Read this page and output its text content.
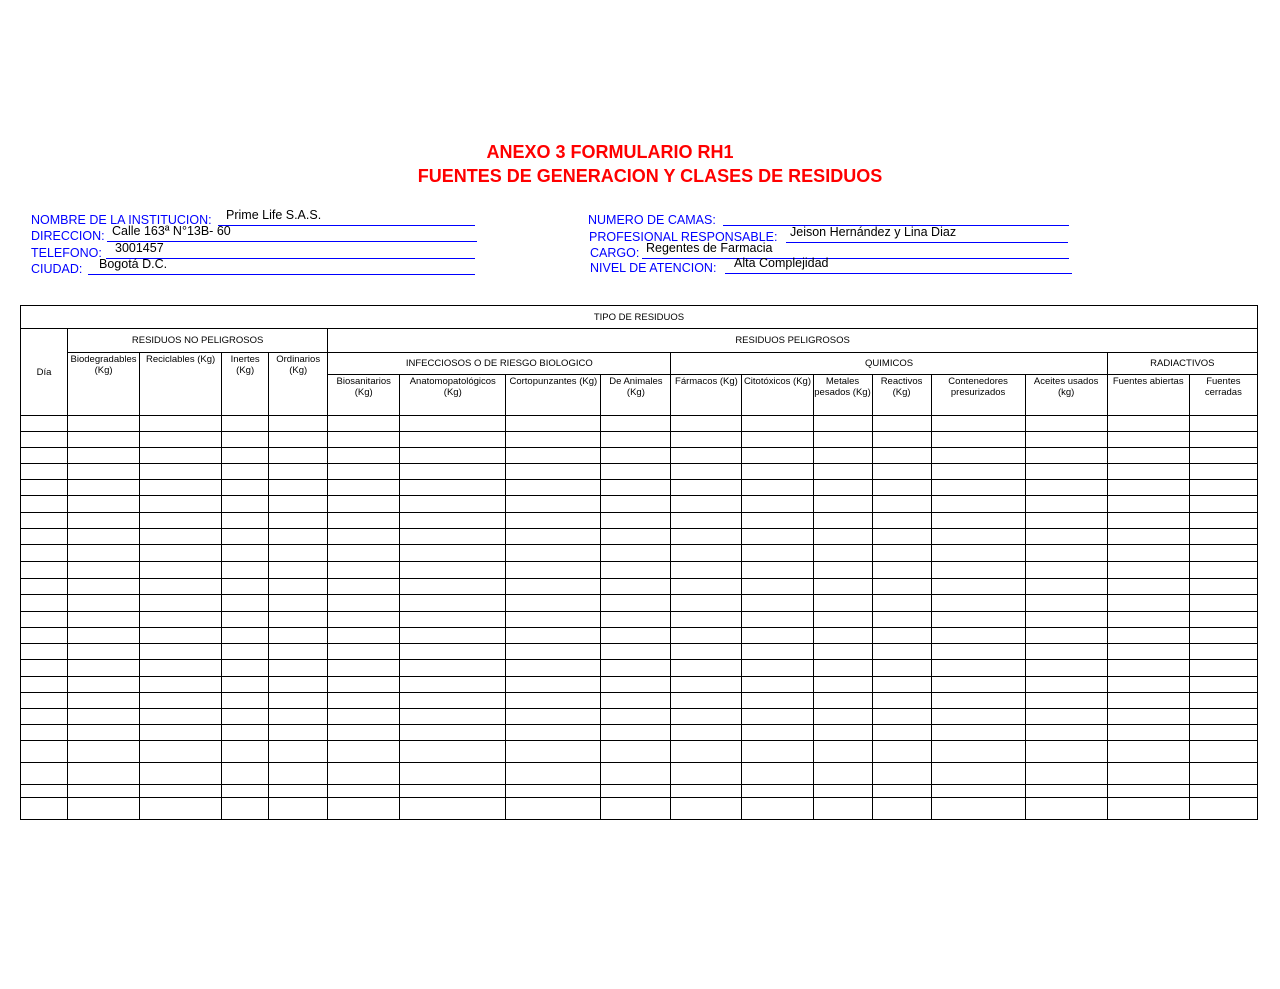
ANEXO 3 FORMULARIO RH1
FUENTES DE GENERACION Y CLASES DE RESIDUOS
NOMBRE DE LA INSTITUCION: Prime Life S.A.S.
DIRECCION: Calle 163ª N°13B- 60
TELEFONO: 3001457
CIUDAD: Bogotá D.C.
NUMERO DE CAMAS:
PROFESIONAL RESPONSABLE: Jeison Hernández y Lina Diaz
CARGO: Regentes de Farmacia
NIVEL DE ATENCION: Alta Complejidad
TIPO DE RESIDUOS																
Día	RESIDUOS NO PELIGROSOS				RESIDUOS PELIGROSOS											
	Biodegradables (Kg)	Reciclables (Kg)	Inertes (Kg)	Ordinarios (Kg)	INFECCIOSOS O DE RIESGO BIOLOGICO				QUIMICOS						RADIACTIVOS	
					Biosanitarios (Kg)	Anatomopatológicos (Kg)	Cortopunzantes (Kg)	De Animales (Kg)	Fármacos (Kg)	Citotóxicos (Kg)	Metales pesados (Kg)	Reactivos (Kg)	Contenedores presurizados	Aceites usados (kg)	Fuentes abiertas	Fuentes cerradas
